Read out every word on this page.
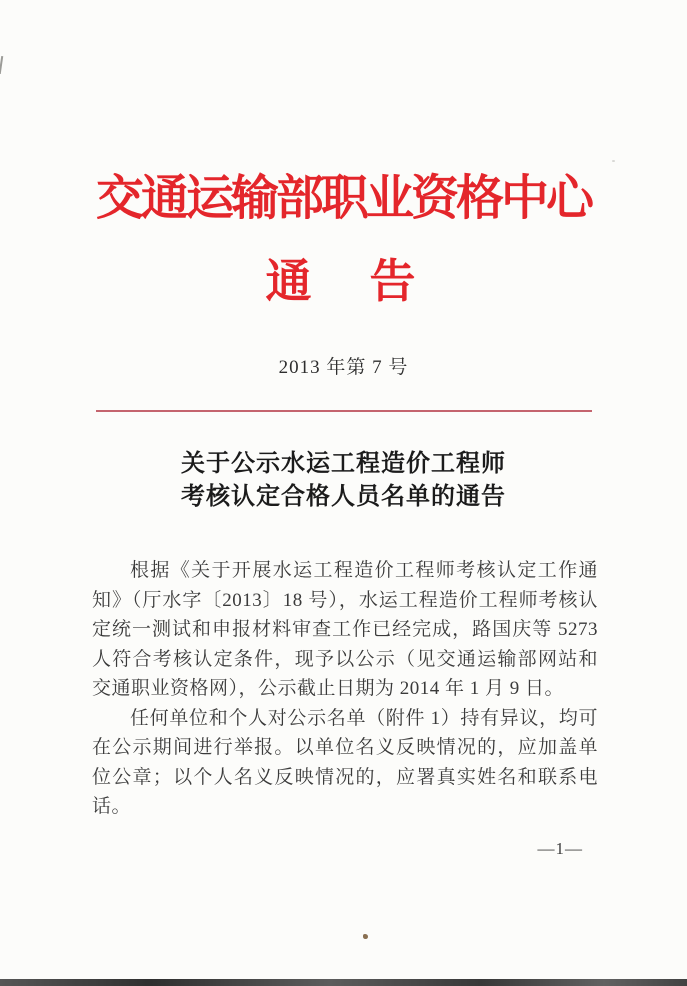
交通运输部职业资格中心
通　告
2013 年第 7 号
关于公示水运工程造价工程师
考核认定合格人员名单的通告

根据《关于开展水运工程造价工程师考核认定工作通知》（厅水字〔2013〕18 号），水运工程造价工程师考核认定统一测试和申报材料审查工作已经完成，路国庆等 5273 人符合考核认定条件，现予以公示（见交通运输部网站和交通职业资格网），公示截止日期为 2014 年 1 月 9 日。

任何单位和个人对公示名单（附件 1）持有异议，均可在公示期间进行举报。以单位名义反映情况的，应加盖单位公章；以个人名义反映情况的，应署真实姓名和联系电话。

—1—
